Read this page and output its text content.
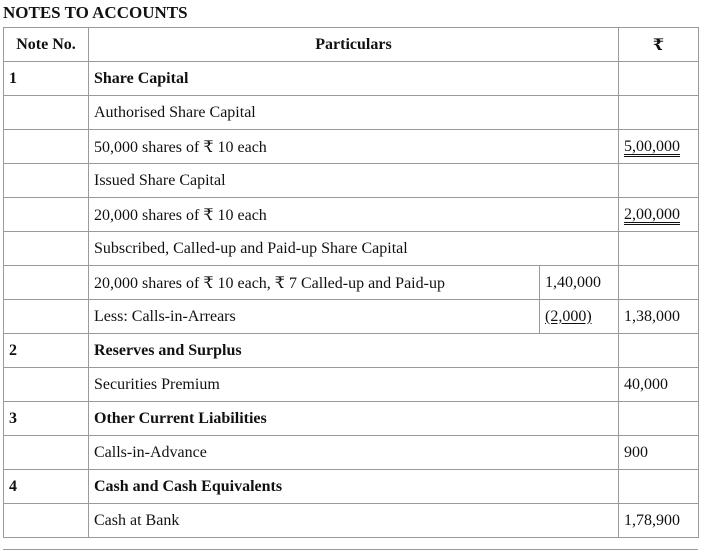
NOTES TO ACCOUNTS
Note No.	Particulars		₹
1	Share Capital		
	Authorised Share Capital		
	50,000 shares of ₹ 10 each		5,00,000
	Issued Share Capital		
	20,000 shares of ₹ 10 each		2,00,000
	Subscribed, Called-up and Paid-up Share Capital		
	20,000 shares of ₹ 10 each, ₹ 7 Called-up and Paid-up	1,40,000	
	Less: Calls-in-Arrears	(2,000)	1,38,000
2	Reserves and Surplus		
	Securities Premium		40,000
3	Other Current Liabilities		
	Calls-in-Advance		900
4	Cash and Cash Equivalents		
	Cash at Bank		1,78,900
